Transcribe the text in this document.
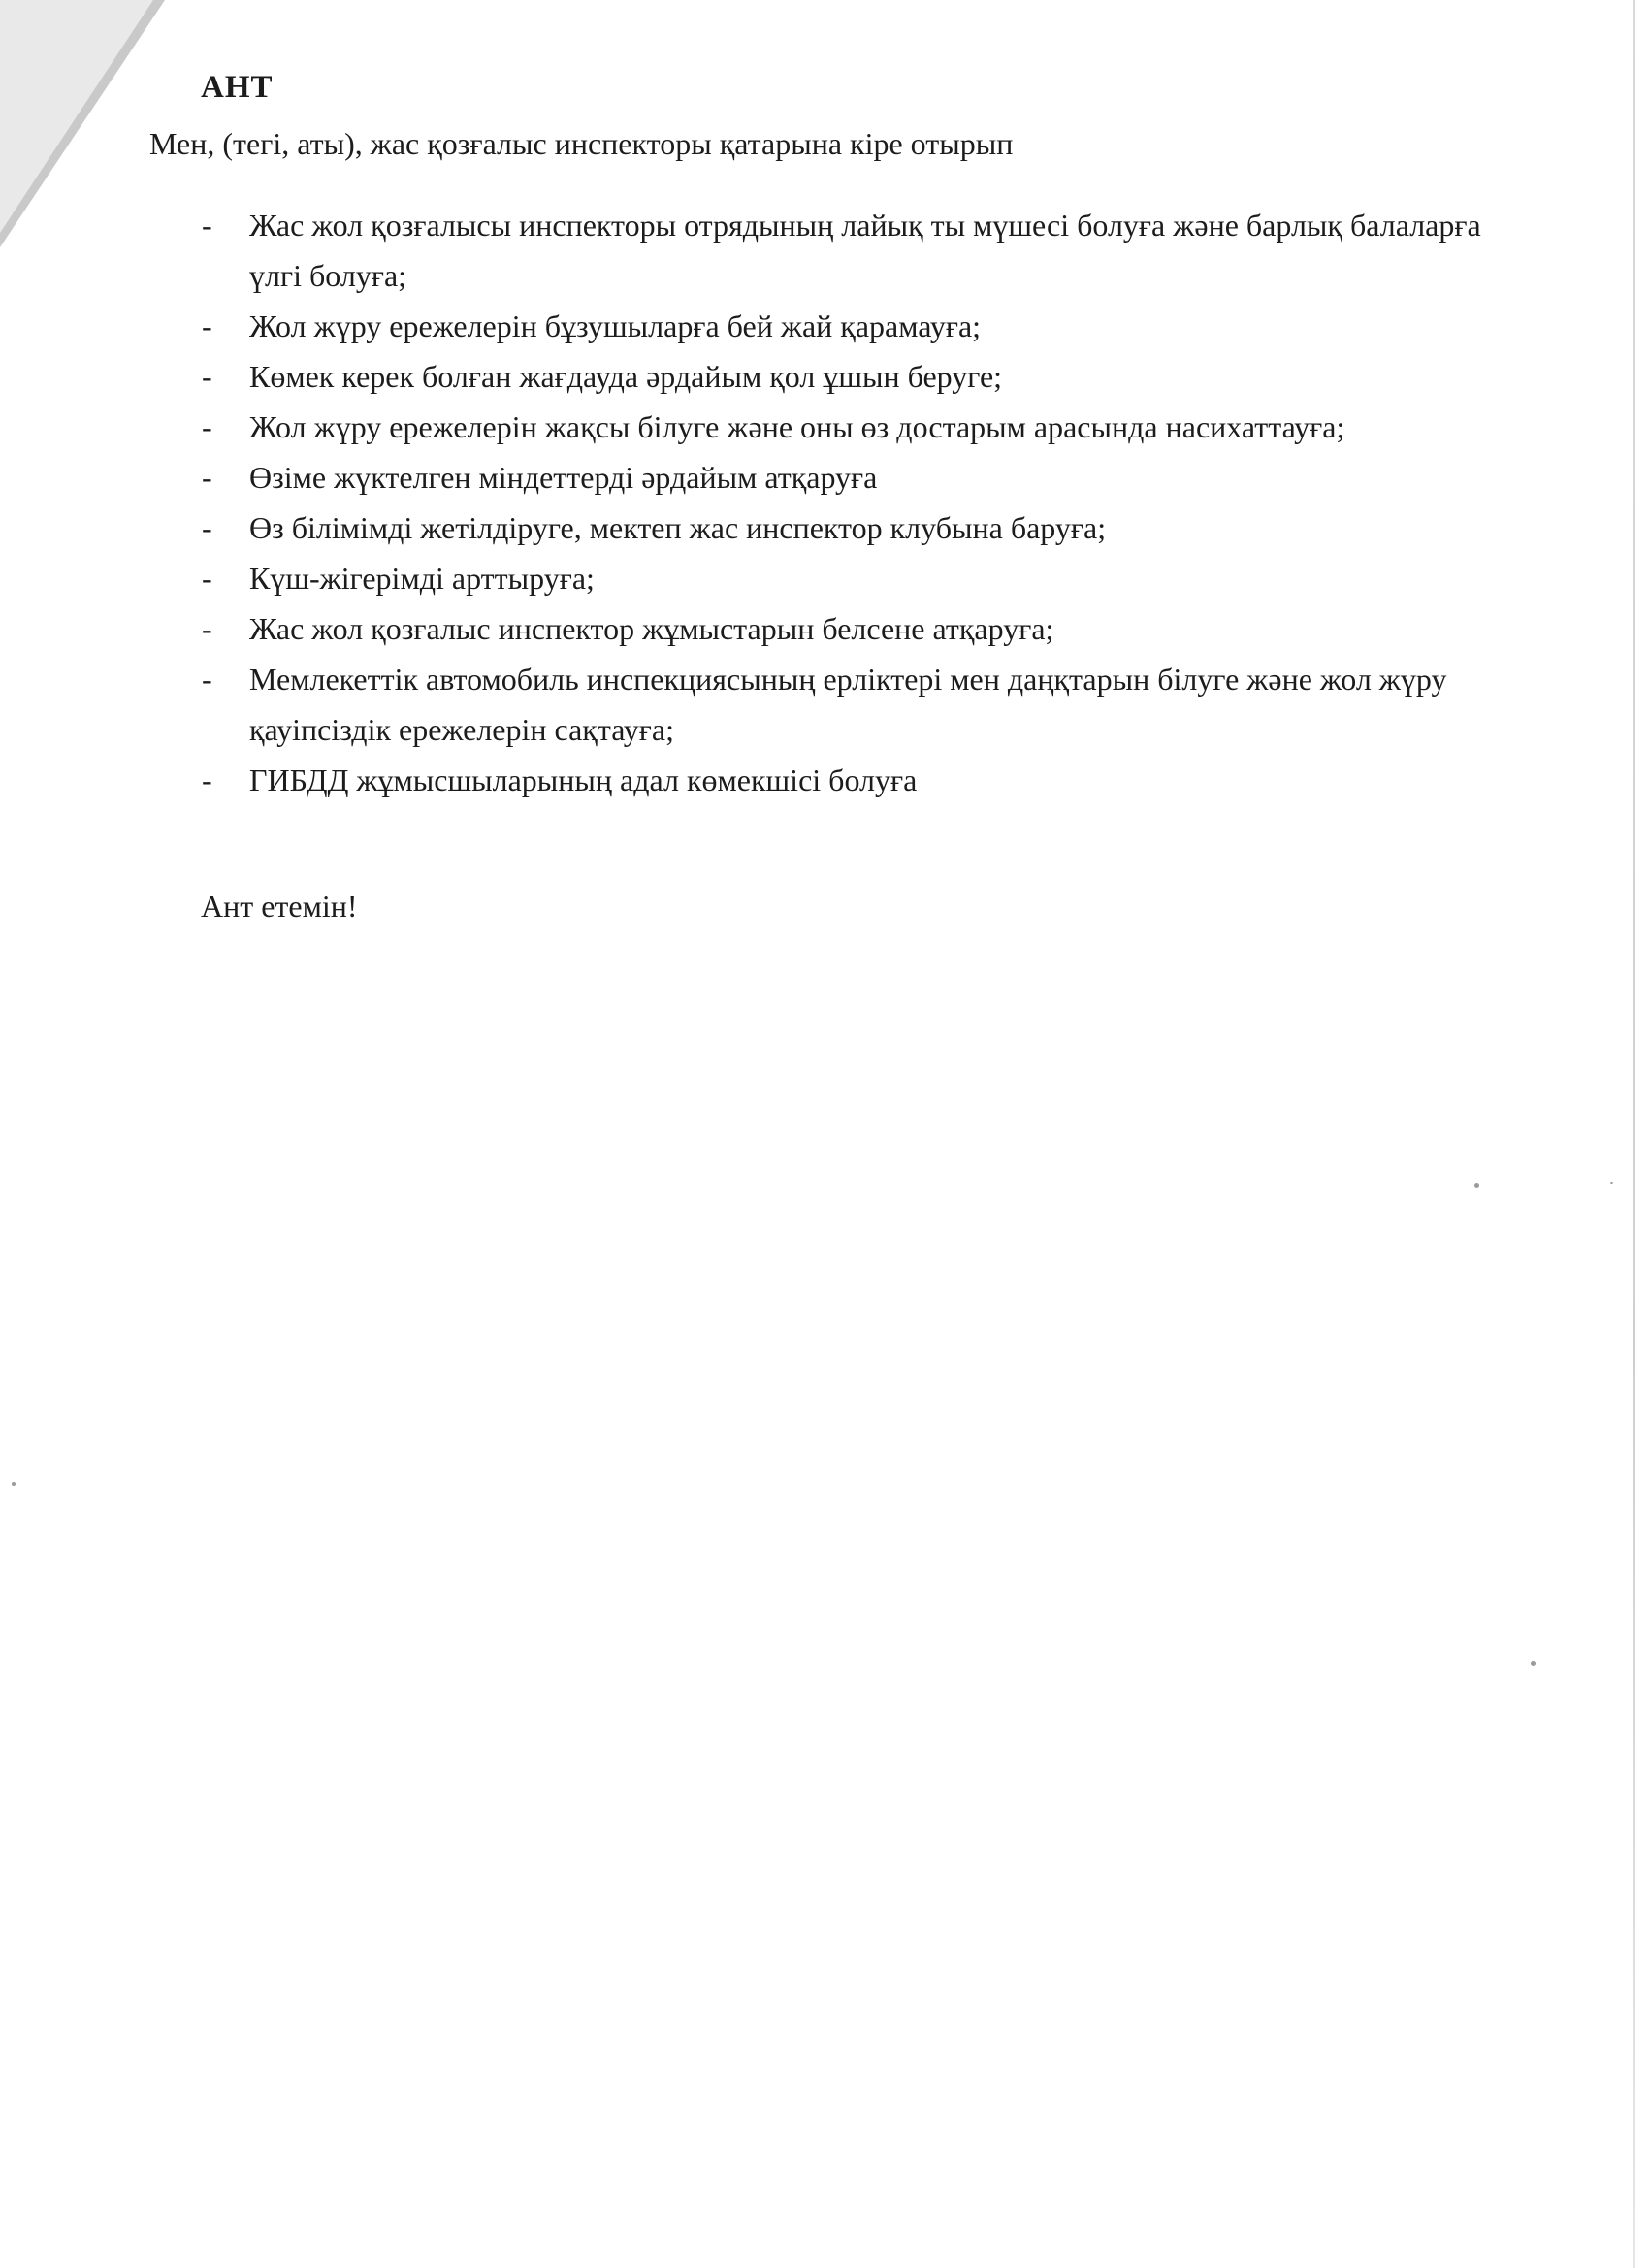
АНТ
Мен, (тегі, аты), жас қозғалыс инспекторы қатарына кіре отырып
- Жас жол қозғалысы инспекторы отрядының лайық ты мүшесі болуға және барлық балаларға үлгі болуға;
- Жол жүру ережелерін бұзушыларға бей жай қарамауға;
- Көмек керек болған жағдауда әрдайым қол ұшын беруге;
- Жол жүру ережелерін жақсы білуге және оны өз достарым арасында насихаттауға;
- Өзіме жүктелген міндеттерді әрдайым атқаруға
- Өз білімімді жетілдіруге, мектеп жас инспектор клубына баруға;
- Күш-жігерімді арттыруға;
- Жас жол қозғалыс инспектор жұмыстарын белсене атқаруға;
- Мемлекеттік автомобиль инспекциясының ерліктері мен даңқтарын білуге және жол жүру қауіпсіздік ережелерін сақтауға;
- ГИБДД жұмысшыларының адал көмекшісі болуға
Ант етемін!
